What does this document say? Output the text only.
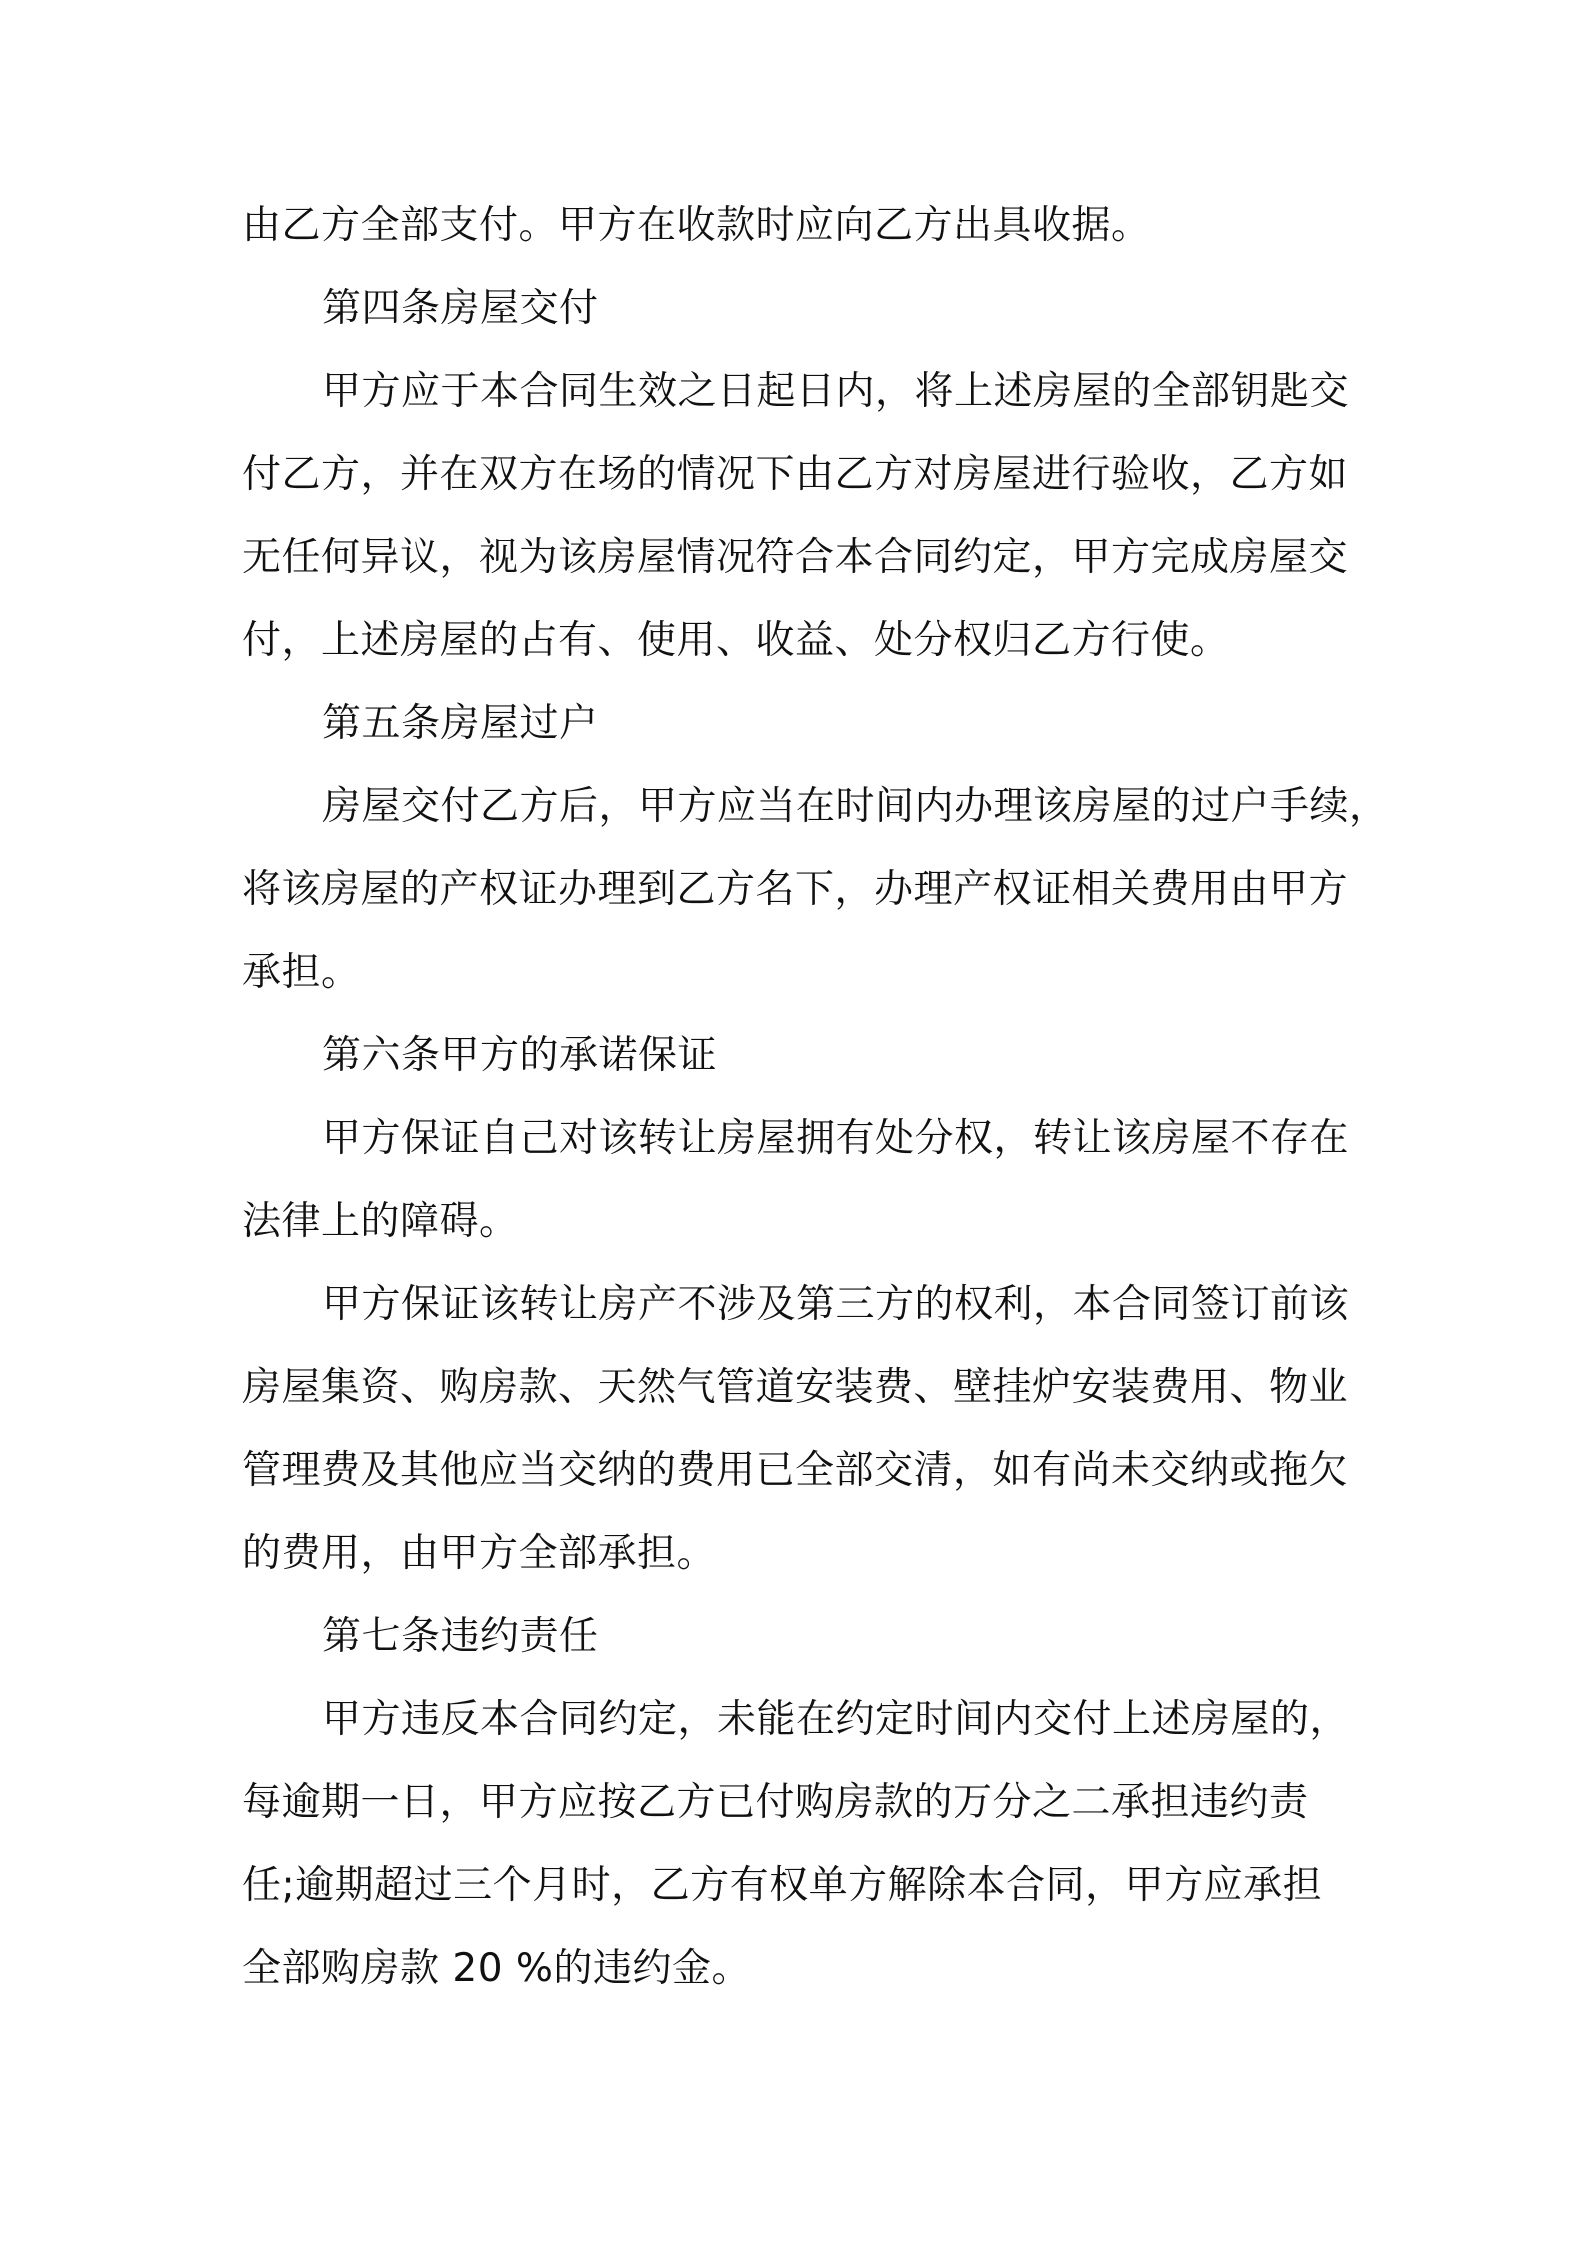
由乙方全部支付。甲方在收款时应向乙方出具收据。
第四条房屋交付
甲方应于本合同生效之日起日内，将上述房屋的全部钥匙交
付乙方，并在双方在场的情况下由乙方对房屋进行验收，乙方如
无任何异议，视为该房屋情况符合本合同约定，甲方完成房屋交
付，上述房屋的占有、使用、收益、处分权归乙方行使。
第五条房屋过户
房屋交付乙方后，甲方应当在时间内办理该房屋的过户手续，
将该房屋的产权证办理到乙方名下，办理产权证相关费用由甲方
承担。
第六条甲方的承诺保证
甲方保证自己对该转让房屋拥有处分权，转让该房屋不存在
法律上的障碍。
甲方保证该转让房产不涉及第三方的权利，本合同签订前该
房屋集资、购房款、天然气管道安装费、壁挂炉安装费用、物业
管理费及其他应当交纳的费用已全部交清，如有尚未交纳或拖欠
的费用，由甲方全部承担。
第七条违约责任
甲方违反本合同约定，未能在约定时间内交付上述房屋的，
每逾期一日，甲方应按乙方已付购房款的万分之二承担违约责
任;逾期超过三个月时，乙方有权单方解除本合同，甲方应承担
全部购房款 20 %的违约金。
